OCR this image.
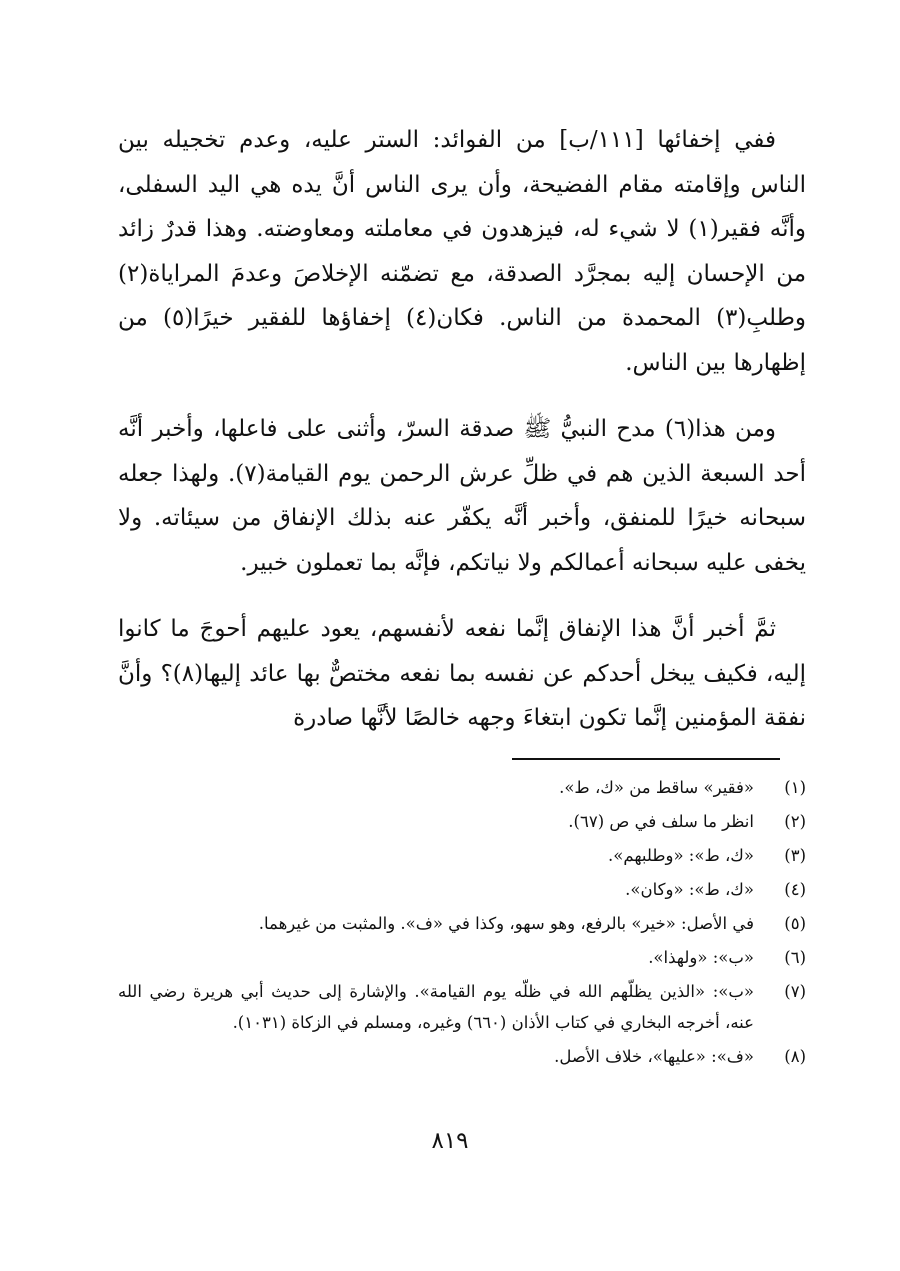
ففي إخفائها [١١١/ب] من الفوائد: الستر عليه، وعدم تخجيله بين الناس وإقامته مقام الفضيحة، وأن يرى الناس أنَّ يده هي اليد السفلى، وأنَّه فقير(١) لا شيء له، فيزهدون في معاملته ومعاوضته. وهذا قدرٌ زائد من الإحسان إليه بمجرَّد الصدقة، مع تضمّنه الإخلاصَ وعدمَ المراياة(٢) وطلبِ(٣) المحمدة من الناس. فكان(٤) إخفاؤها للفقير خيرًا(٥) من إظهارها بين الناس.

ومن هذا(٦) مدح النبيُّ ﷺ صدقة السرّ، وأثنى على فاعلها، وأخبر أنَّه أحد السبعة الذين هم في ظلِّ عرش الرحمن يوم القيامة(٧). ولهذا جعله سبحانه خيرًا للمنفق، وأخبر أنَّه يكفّر عنه بذلك الإنفاق من سيئاته. ولا يخفى عليه سبحانه أعمالكم ولا نياتكم، فإنَّه بما تعملون خبير.

ثمَّ أخبر أنَّ هذا الإنفاق إنَّما نفعه لأنفسهم، يعود عليهم أحوجَ ما كانوا إليه، فكيف يبخل أحدكم عن نفسه بما نفعه مختصٌّ بها عائد إليها(٨)؟ وأنَّ نفقة المؤمنين إنَّما تكون ابتغاءَ وجهه خالصًا لأنَّها صادرة

(١)
«فقير» ساقط من «ك، ط».

(٢)
انظر ما سلف في ص (٦٧).

(٣)
«ك، ط»: «وطلبهم».

(٤)
«ك، ط»: «وكان».

(٥)
في الأصل: «خير» بالرفع، وهو سهو، وكذا في «ف». والمثبت من غيرهما.

(٦)
«ب»: «ولهذا».

(٧)
«ب»: «الذين يظلّهم الله في ظلّه يوم القيامة». والإشارة إلى حديث أبي هريرة رضي الله عنه، أخرجه البخاري في كتاب الأذان (٦٦٠) وغيره، ومسلم في الزكاة (١٠٣١).

(٨)
«ف»: «عليها»، خلاف الأصل.

٨١٩
